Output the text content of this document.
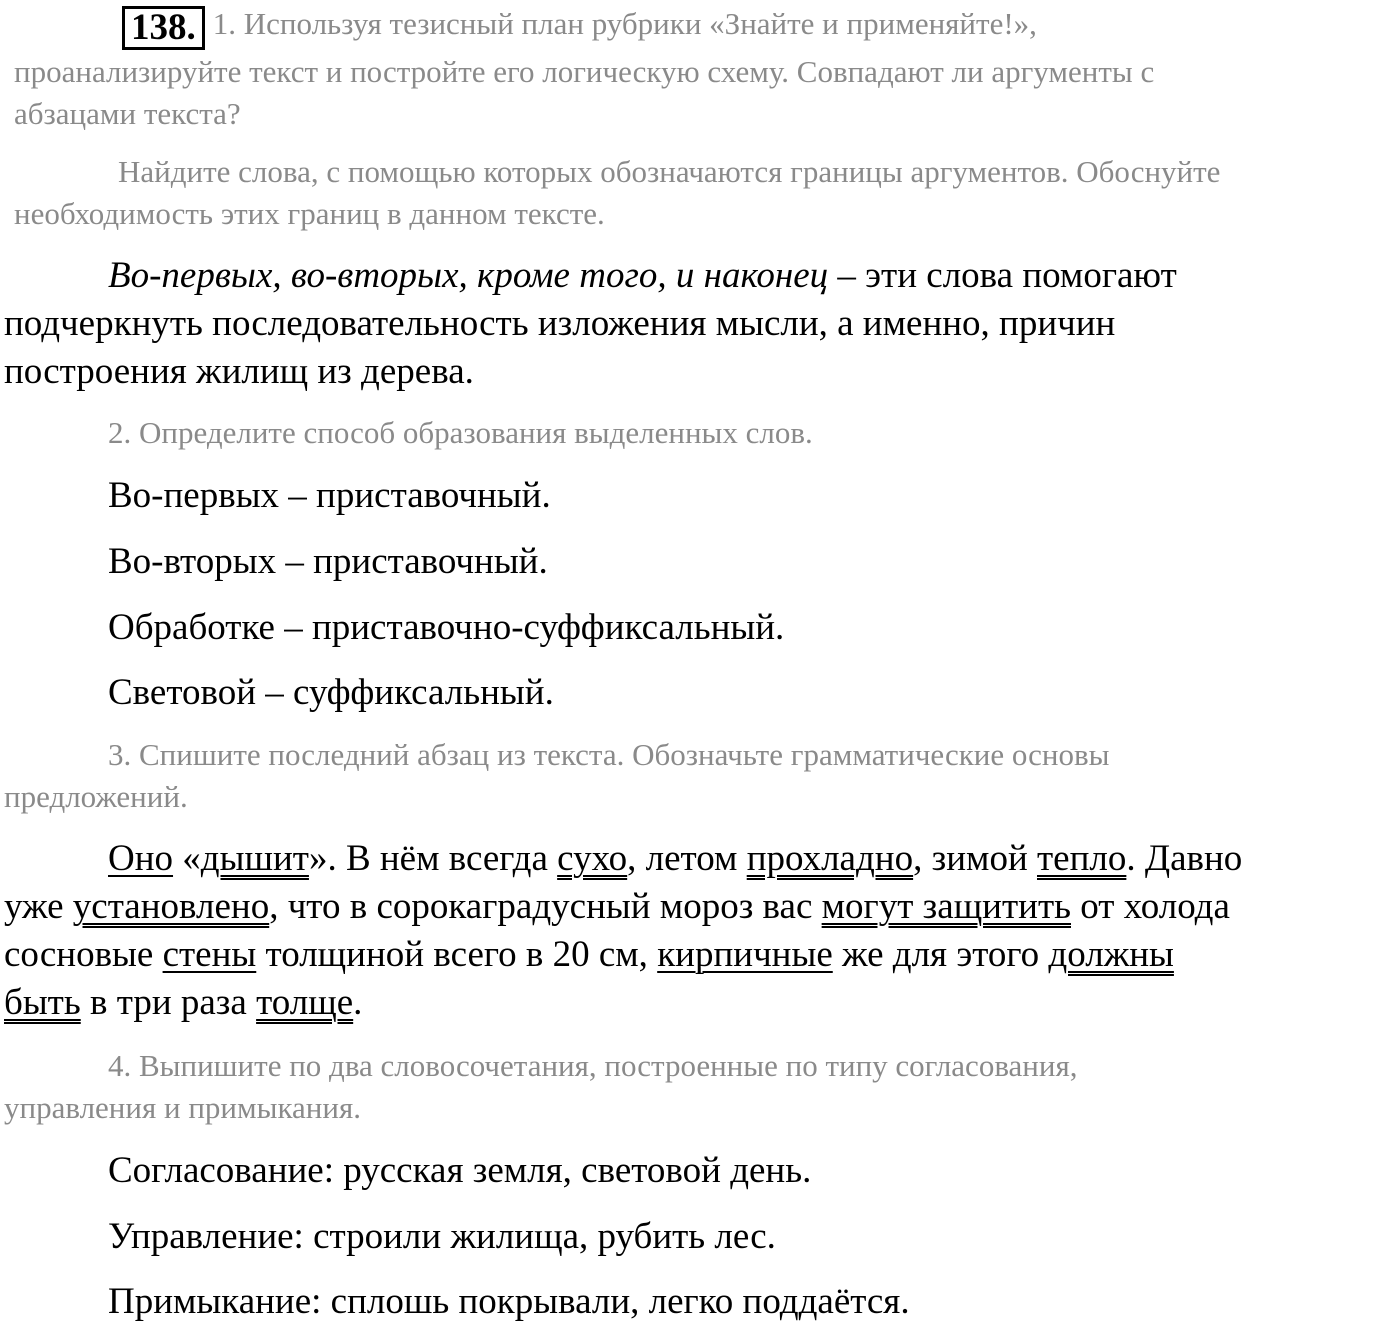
138. 1. Используя тезисный план рубрики «Знайте и применяйте!»,
проанализируйте текст и постройте его логическую схему. Совпадают ли аргументы с
абзацами текста?
Найдите слова, с помощью которых обозначаются границы аргументов. Обоснуйте
необходимость этих границ в данном тексте.
Во-первых, во-вторых, кроме того, и наконец – эти слова помогают
подчеркнуть последовательность изложения мысли, а именно, причин
построения жилищ из дерева.
2. Определите способ образования выделенных слов.
Во-первых – приставочный.
Во-вторых – приставочный.
Обработке – приставочно-суффиксальный.
Световой – суффиксальный.
3. Спишите последний абзац из текста. Обозначьте грамматические основы
предложений.
Оно «дышит». В нём всегда сухо, летом прохладно, зимой тепло. Давно
уже установлено, что в сорокаградусный мороз вас могут защитить от холода
сосновые стены толщиной всего в 20 см, кирпичные же для этого должны
быть в три раза толще.
4. Выпишите по два словосочетания, построенные по типу согласования,
управления и примыкания.
Согласование: русская земля, световой день.
Управление: строили жилища, рубить лес.
Примыкание: сплошь покрывали, легко поддаётся.
